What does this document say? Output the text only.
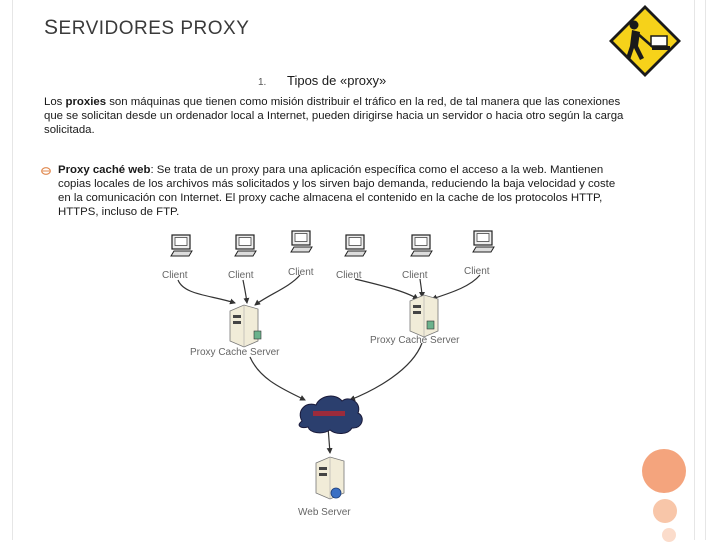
SERVIDORES PROXY
1. Tipos de «proxy»

Los proxies son máquinas que tienen como misión distribuir el tráfico en la red, de tal manera que las conexiones que se solicitan desde un ordenador local a Internet, pueden dirigirse hacia un servidor o hacia otro según la carga solicitada.

Proxy caché web: Se trata de un proxy para una aplicación específica como el acceso a la web. Mantienen copias locales de los archivos más solicitados y los sirven bajo demanda, reduciendo la baja velocidad y coste en la comunicación con Internet. El proxy cache almacena el contenido en la cache de los protocolos HTTP, HTTPS, incluso de FTP.

Client	Client	Client Client	Client	Client
Proxy Cache Server
Proxy Cache Server
Web Server
